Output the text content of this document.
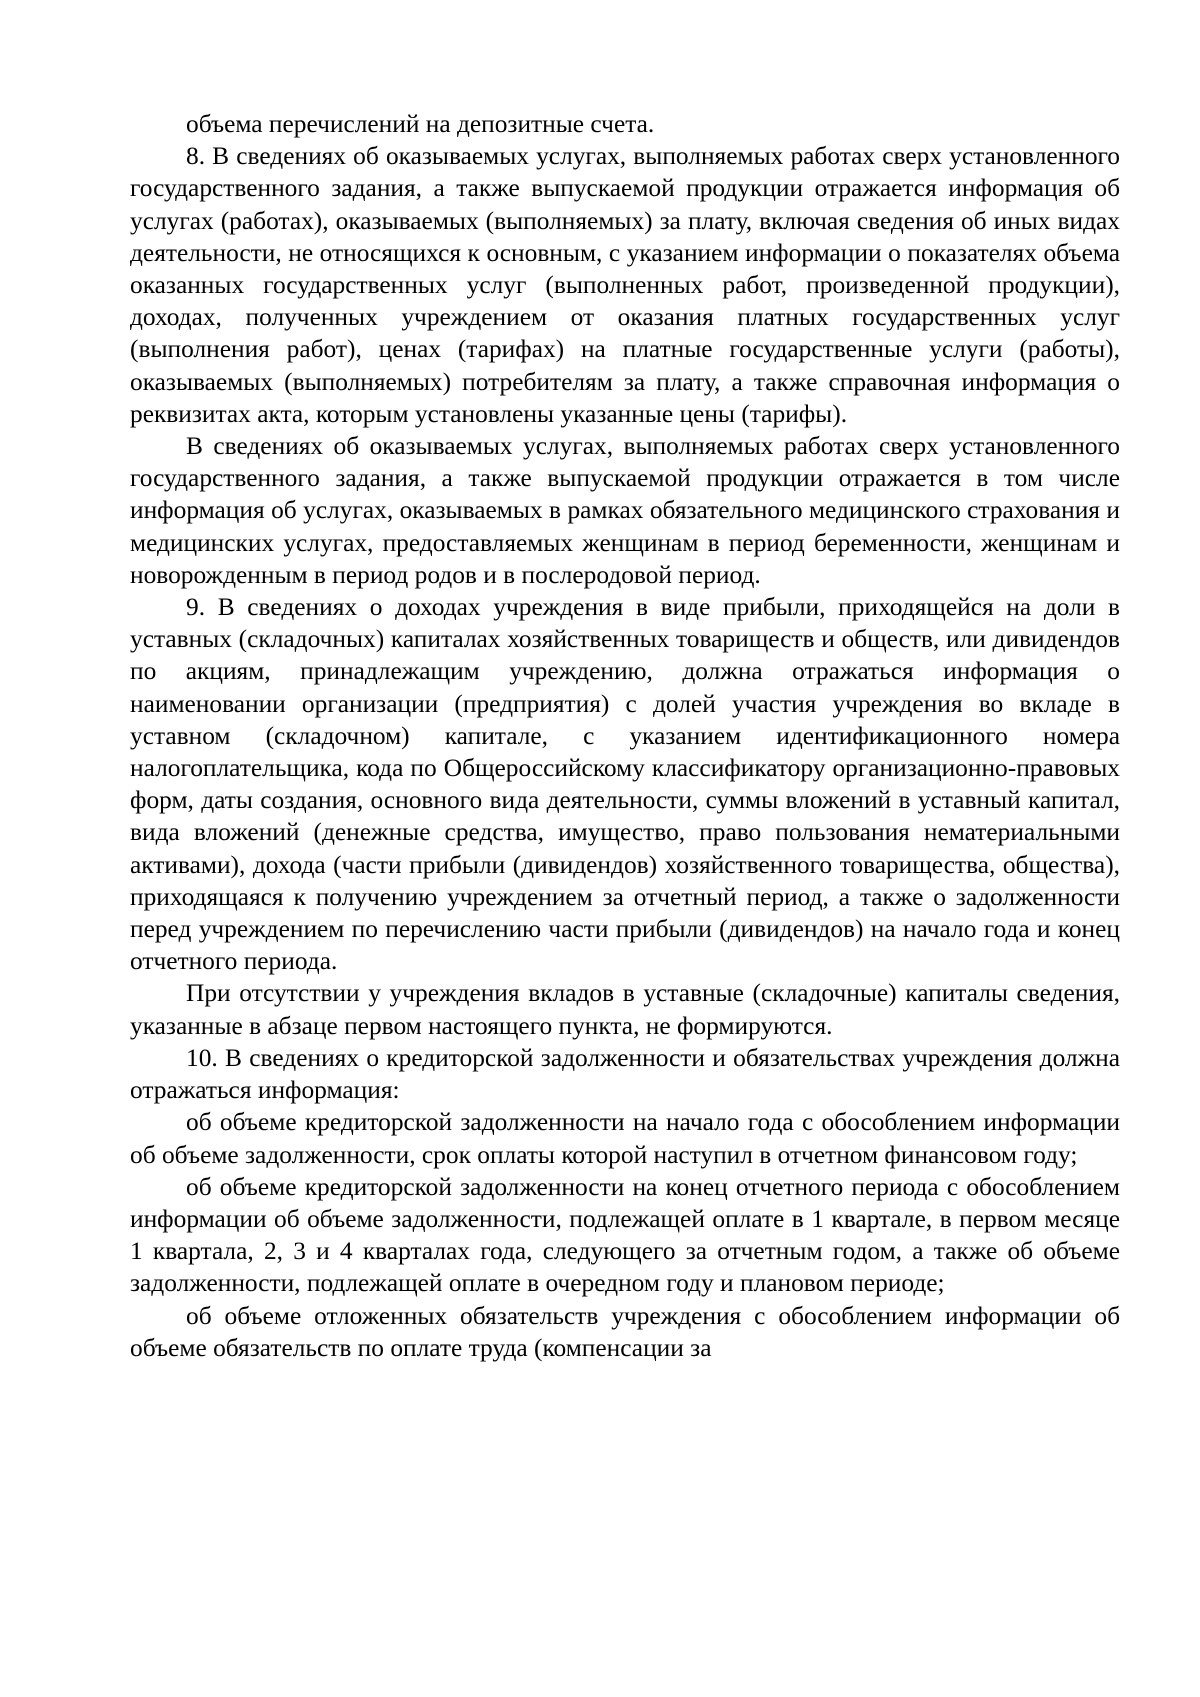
объема перечислений на депозитные счета.

8. В сведениях об оказываемых услугах, выполняемых работах сверх установленного государственного задания, а также выпускаемой продукции отражается информация об услугах (работах), оказываемых (выполняемых) за плату, включая сведения об иных видах деятельности, не относящихся к основным, с указанием информации о показателях объема оказанных государственных услуг (выполненных работ, произведенной продукции), доходах, полученных учреждением от оказания платных государственных услуг (выполнения работ), ценах (тарифах) на платные государственные услуги (работы), оказываемых (выполняемых) потребителям за плату, а также справочная информация о реквизитах акта, которым установлены указанные цены (тарифы).

В сведениях об оказываемых услугах, выполняемых работах сверх установленного государственного задания, а также выпускаемой продукции отражается в том числе информация об услугах, оказываемых в рамках обязательного медицинского страхования и медицинских услугах, предоставляемых женщинам в период беременности, женщинам и новорожденным в период родов и в послеродовой период.

9. В сведениях о доходах учреждения в виде прибыли, приходящейся на доли в уставных (складочных) капиталах хозяйственных товариществ и обществ, или дивидендов по акциям, принадлежащим учреждению, должна отражаться информация о наименовании организации (предприятия) с долей участия учреждения во вкладе в уставном (складочном) капитале, с указанием идентификационного номера налогоплательщика, кода по Общероссийскому классификатору организационно-правовых форм, даты создания, основного вида деятельности, суммы вложений в уставный капитал, вида вложений (денежные средства, имущество, право пользования нематериальными активами), дохода (части прибыли (дивидендов) хозяйственного товарищества, общества), приходящаяся к получению учреждением за отчетный период, а также о задолженности перед учреждением по перечислению части прибыли (дивидендов) на начало года и конец отчетного периода.

При отсутствии у учреждения вкладов в уставные (складочные) капиталы сведения, указанные в абзаце первом настоящего пункта, не формируются.

10. В сведениях о кредиторской задолженности и обязательствах учреждения должна отражаться информация:

об объеме кредиторской задолженности на начало года с обособлением информации об объеме задолженности, срок оплаты которой наступил в отчетном финансовом году;

об объеме кредиторской задолженности на конец отчетного периода с обособлением информации об объеме задолженности, подлежащей оплате в 1 квартале, в первом месяце 1 квартала, 2, 3 и 4 кварталах года, следующего за отчетным годом, а также об объеме задолженности, подлежащей оплате в очередном году и плановом периоде;

об объеме отложенных обязательств учреждения с обособлением информации об объеме обязательств по оплате труда (компенсации за
